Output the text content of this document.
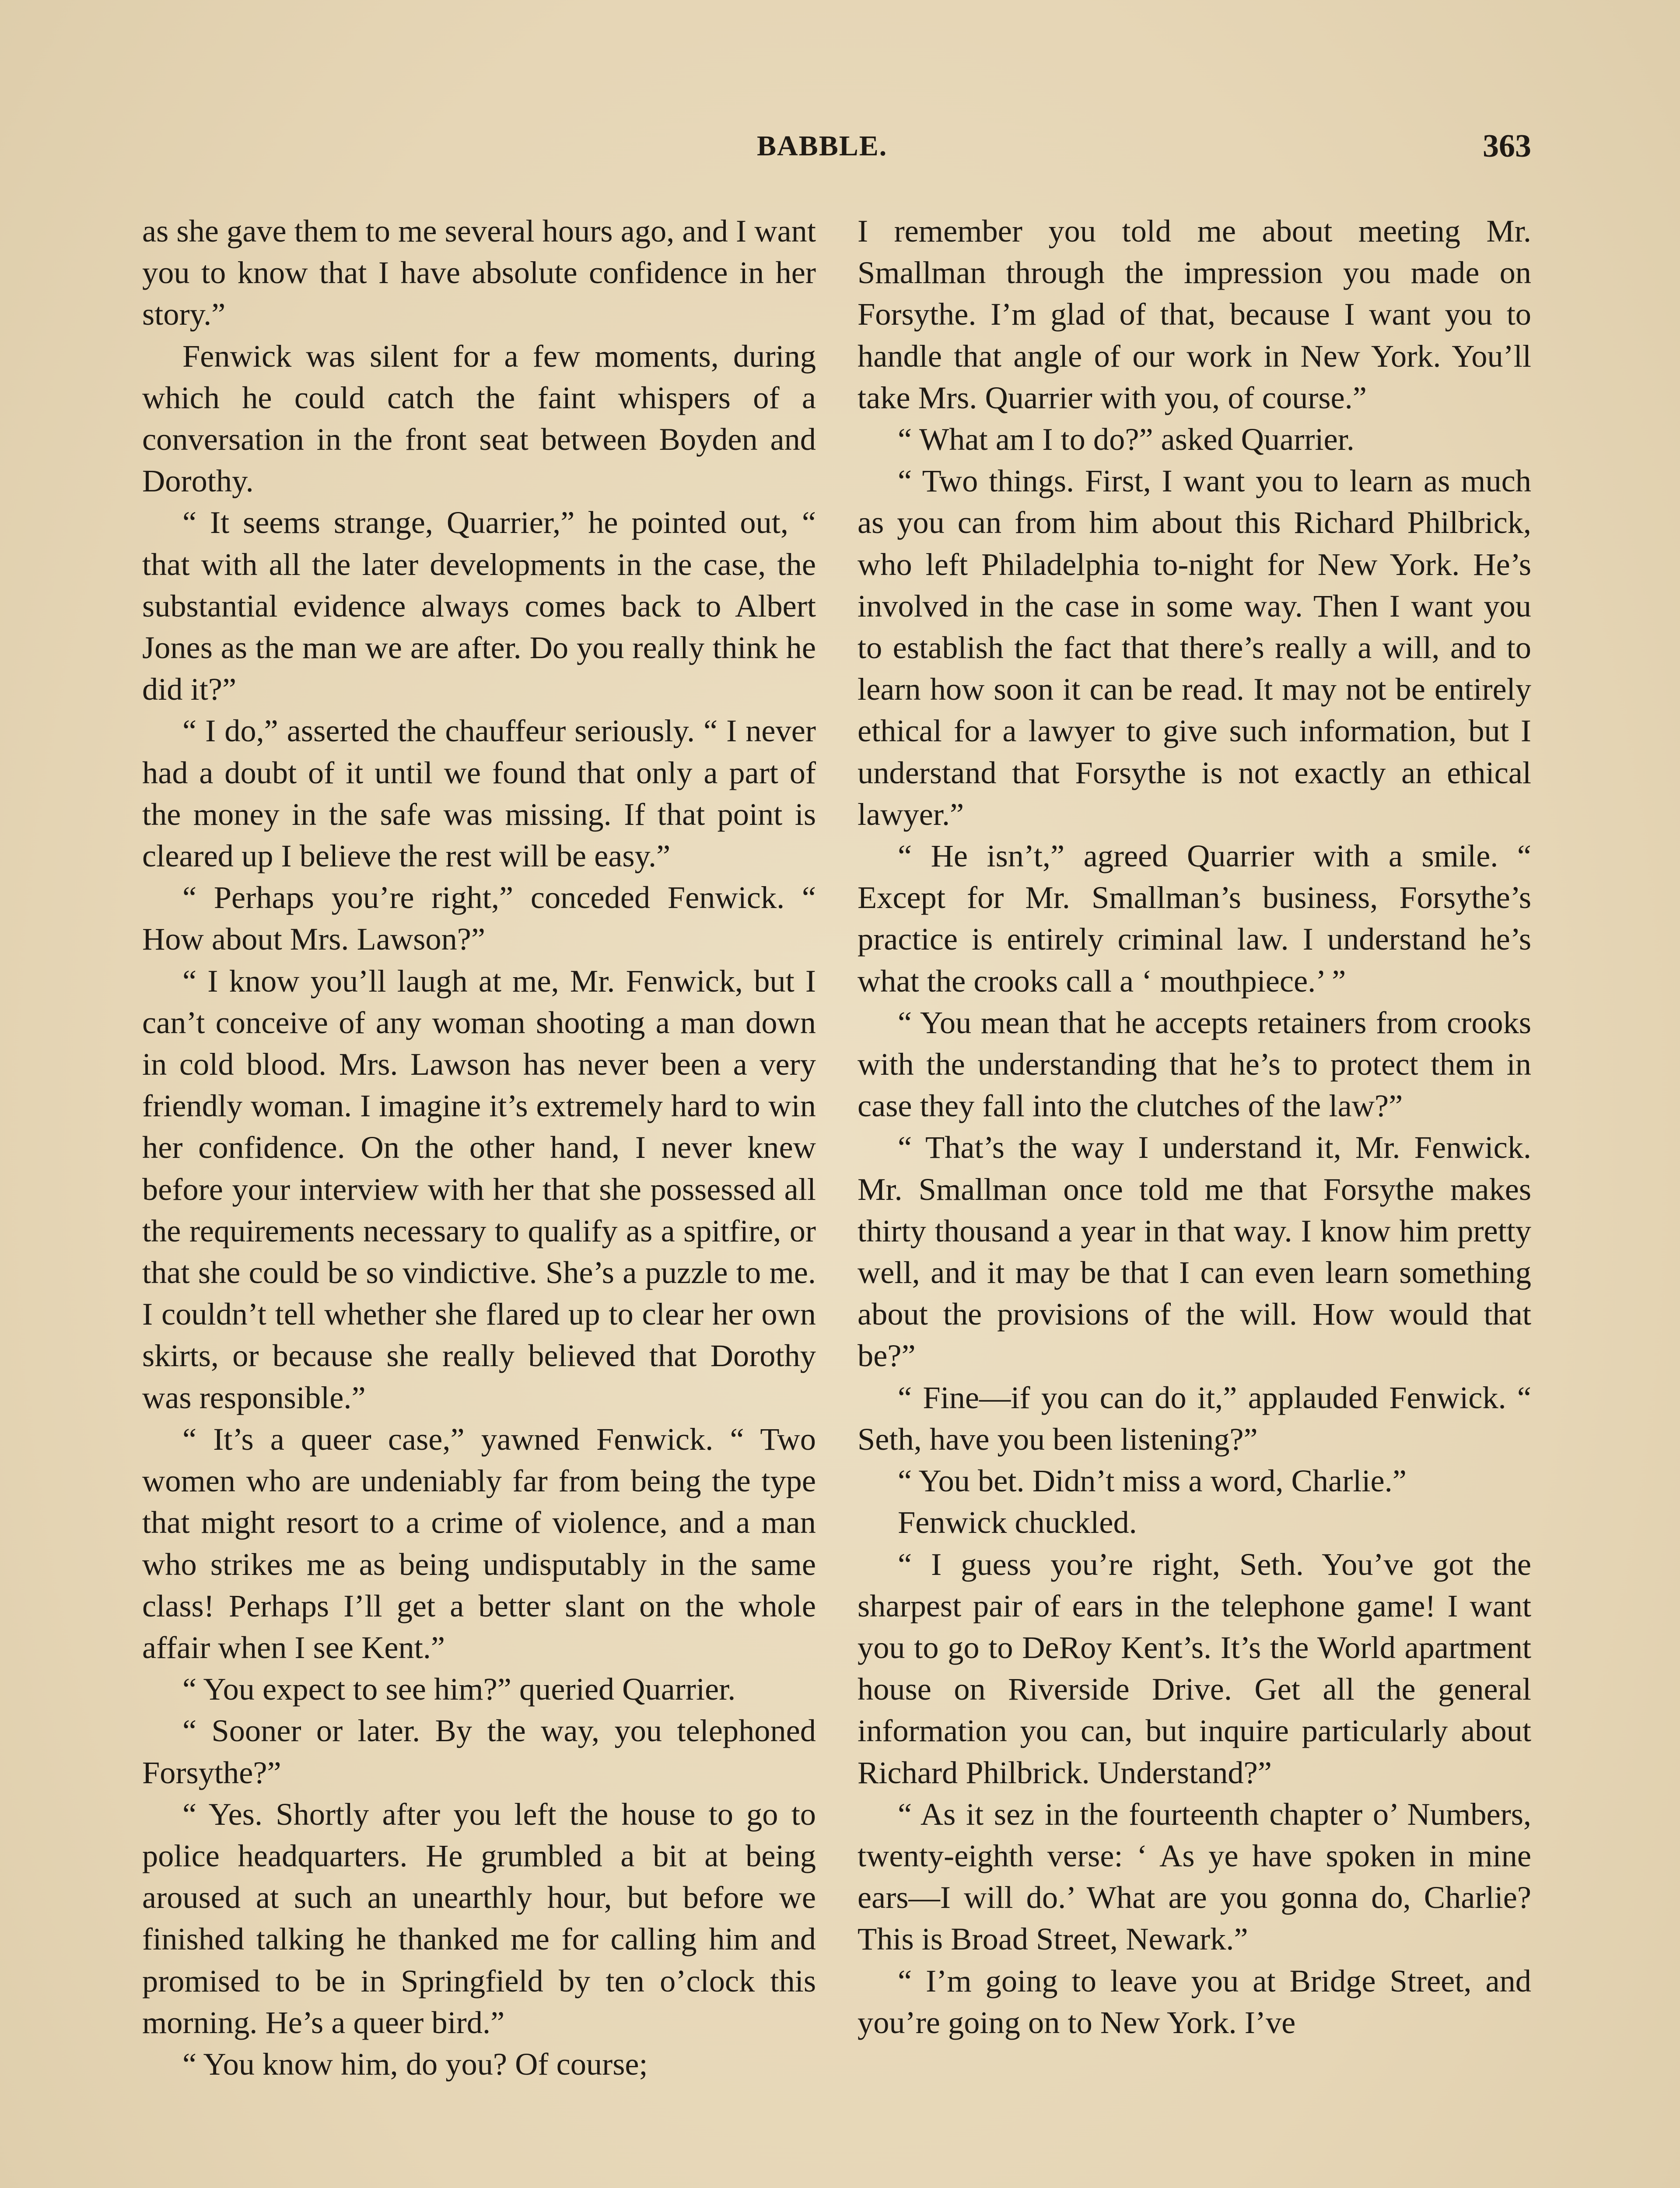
BABBLE.	363

as she gave them to me several hours ago, and I want you to know that I have absolute confidence in her story.”

Fenwick was silent for a few moments, during which he could catch the faint whispers of a conversation in the front seat between Boyden and Dorothy.

“ It seems strange, Quarrier,” he pointed out, “ that with all the later developments in the case, the substantial evidence always comes back to Albert Jones as the man we are after. Do you really think he did it?”

“ I do,” asserted the chauffeur seriously. “ I never had a doubt of it until we found that only a part of the money in the safe was missing. If that point is cleared up I believe the rest will be easy.”

“ Perhaps you’re right,” conceded Fenwick. “ How about Mrs. Lawson?”

“ I know you’ll laugh at me, Mr. Fenwick, but I can’t conceive of any woman shooting a man down in cold blood. Mrs. Lawson has never been a very friendly woman. I imagine it’s extremely hard to win her confidence. On the other hand, I never knew before your interview with her that she possessed all the requirements necessary to qualify as a spitfire, or that she could be so vindictive. She’s a puzzle to me. I couldn’t tell whether she flared up to clear her own skirts, or because she really believed that Dorothy was responsible.”

“ It’s a queer case,” yawned Fenwick. “ Two women who are undeniably far from being the type that might resort to a crime of violence, and a man who strikes me as being undisputably in the same class! Perhaps I’ll get a better slant on the whole affair when I see Kent.”

“ You expect to see him?” queried Quarrier.

“ Sooner or later. By the way, you telephoned Forsythe?”

“ Yes. Shortly after you left the house to go to police headquarters. He grumbled a bit at being aroused at such an unearthly hour, but before we finished talking he thanked me for calling him and promised to be in Springfield by ten o’clock this morning. He’s a queer bird.”

“ You know him, do you? Of course;

I remember you told me about meeting Mr. Smallman through the impression you made on Forsythe. I’m glad of that, because I want you to handle that angle of our work in New York. You’ll take Mrs. Quarrier with you, of course.”

“ What am I to do?” asked Quarrier.

“ Two things. First, I want you to learn as much as you can from him about this Richard Philbrick, who left Philadelphia to-night for New York. He’s involved in the case in some way. Then I want you to establish the fact that there’s really a will, and to learn how soon it can be read. It may not be entirely ethical for a lawyer to give such information, but I understand that Forsythe is not exactly an ethical lawyer.”

“ He isn’t,” agreed Quarrier with a smile. “ Except for Mr. Smallman’s business, Forsythe’s practice is entirely criminal law. I understand he’s what the crooks call a ‘ mouthpiece.’ ”

“ You mean that he accepts retainers from crooks with the understanding that he’s to protect them in case they fall into the clutches of the law?”

“ That’s the way I understand it, Mr. Fenwick. Mr. Smallman once told me that Forsythe makes thirty thousand a year in that way. I know him pretty well, and it may be that I can even learn something about the provisions of the will. How would that be?”

“ Fine—if you can do it,” applauded Fenwick. “ Seth, have you been listening?”

“ You bet. Didn’t miss a word, Charlie.”

Fenwick chuckled.

“ I guess you’re right, Seth. You’ve got the sharpest pair of ears in the telephone game! I want you to go to DeRoy Kent’s. It’s the World apartment house on Riverside Drive. Get all the general information you can, but inquire particularly about Richard Philbrick. Understand?”

“ As it sez in the fourteenth chapter o’ Numbers, twenty-eighth verse: ‘ As ye have spoken in mine ears—I will do.’ What are you gonna do, Charlie? This is Broad Street, Newark.”

“ I’m going to leave you at Bridge Street, and you’re going on to New York. I’ve
